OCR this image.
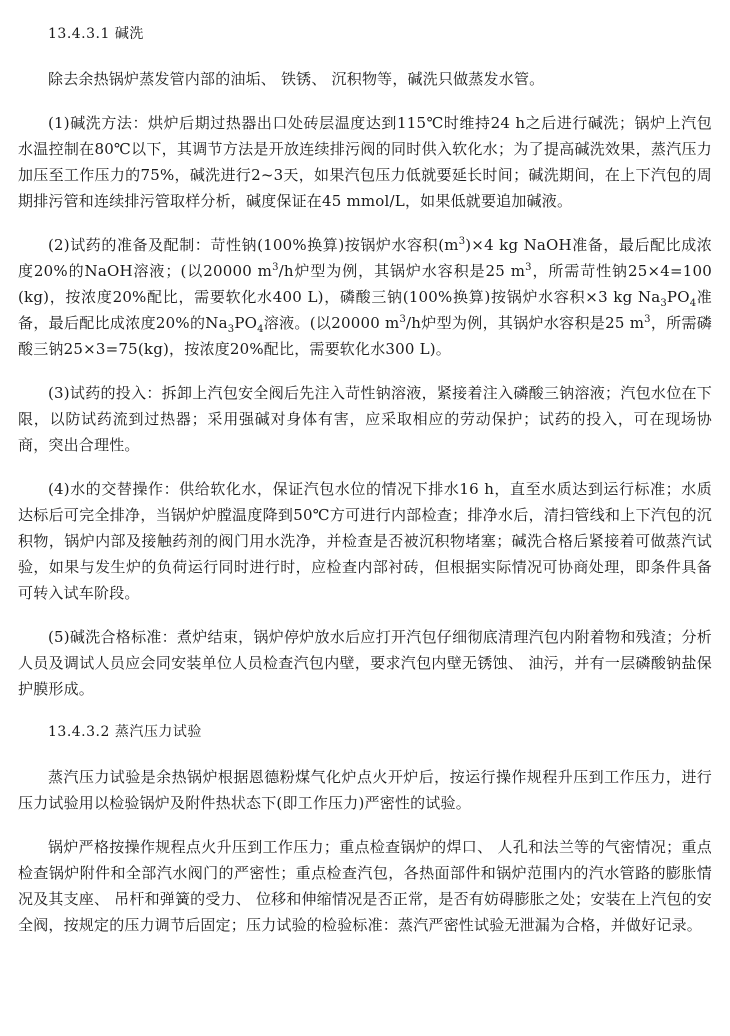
13.4.3.1 碱洗

除去余热锅炉蒸发管内部的油垢、 铁锈、 沉积物等，碱洗只做蒸发水管。

(1)碱洗方法：烘炉后期过热器出口处砖层温度达到115℃时维持24 h之后进行碱洗；锅炉上汽包水温控制在80℃以下，其调节方法是开放连续排污阀的同时供入软化水；为了提高碱洗效果，蒸汽压力加压至工作压力的75%，碱洗进行2~3天，如果汽包压力低就要延长时间；碱洗期间，在上下汽包的周期排污管和连续排污管取样分析，碱度保证在45 mmol/L，如果低就要追加碱液。

(2)试药的准备及配制：苛性钠(100%换算)按锅炉水容积$(m^3)\times 4$ kg NaOH准备，最后配比成浓度20%的NaOH溶液；(以20000 $m^3/h$炉型为例，其锅炉水容积是25 $m^3$，所需苛性钠25×4=100 (kg)，按浓度20%配比，需要软化水400 L)，磷酸三钠(100%换算)按锅炉水容积×3 kg $Na_3PO_4$准备，最后配比成浓度20%的$Na_3PO_4$溶液。(以20000 $m^3/h$炉型为例，其锅炉水容积是25 $m^3$，所需磷酸三钠25×3=75(kg)，按浓度20%配比，需要软化水300 L)。

(3)试药的投入：拆卸上汽包安全阀后先注入苛性钠溶液，紧接着注入磷酸三钠溶液；汽包水位在下限，以防试药流到过热器；采用强碱对身体有害，应采取相应的劳动保护；试药的投入，可在现场协商，突出合理性。

(4)水的交替操作：供给软化水，保证汽包水位的情况下排水16 h，直至水质达到运行标准；水质达标后可完全排净，当锅炉炉膛温度降到50℃方可进行内部检查；排净水后，清扫管线和上下汽包的沉积物，锅炉内部及接触药剂的阀门用水洗净，并检查是否被沉积物堵塞；碱洗合格后紧接着可做蒸汽试验，如果与发生炉的负荷运行同时进行时，应检查内部衬砖，但根据实际情况可协商处理，即条件具备可转入试车阶段。

(5)碱洗合格标准：煮炉结束，锅炉停炉放水后应打开汽包仔细彻底清理汽包内附着物和残渣；分析人员及调试人员应会同安装单位人员检查汽包内壁，要求汽包内壁无锈蚀、 油污，并有一层磷酸钠盐保护膜形成。

13.4.3.2 蒸汽压力试验

蒸汽压力试验是余热锅炉根据恩德粉煤气化炉点火开炉后，按运行操作规程升压到工作压力，进行压力试验用以检验锅炉及附件热状态下(即工作压力)严密性的试验。

锅炉严格按操作规程点火升压到工作压力；重点检查锅炉的焊口、 人孔和法兰等的气密情况；重点检查锅炉附件和全部汽水阀门的严密性；重点检查汽包，各热面部件和锅炉范围内的汽水管路的膨胀情况及其支座、 吊杆和弹簧的受力、 位移和伸缩情况是否正常，是否有妨碍膨胀之处；安装在上汽包的安全阀，按规定的压力调节后固定；压力试验的检验标准：蒸汽严密性试验无泄漏为合格，并做好记录。
